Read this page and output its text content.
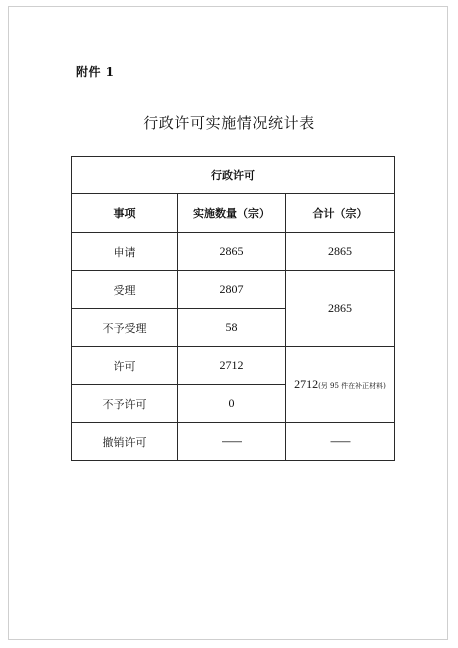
附件 1
行政许可实施情况统计表
行政许可		
事项	实施数量（宗）	合计（宗）
申请	2865	2865
受理	2807	2865
不予受理	58	
许可	2712	2712(另 95 件在补正材料)
不予许可	0	
撤销许可	——	——
